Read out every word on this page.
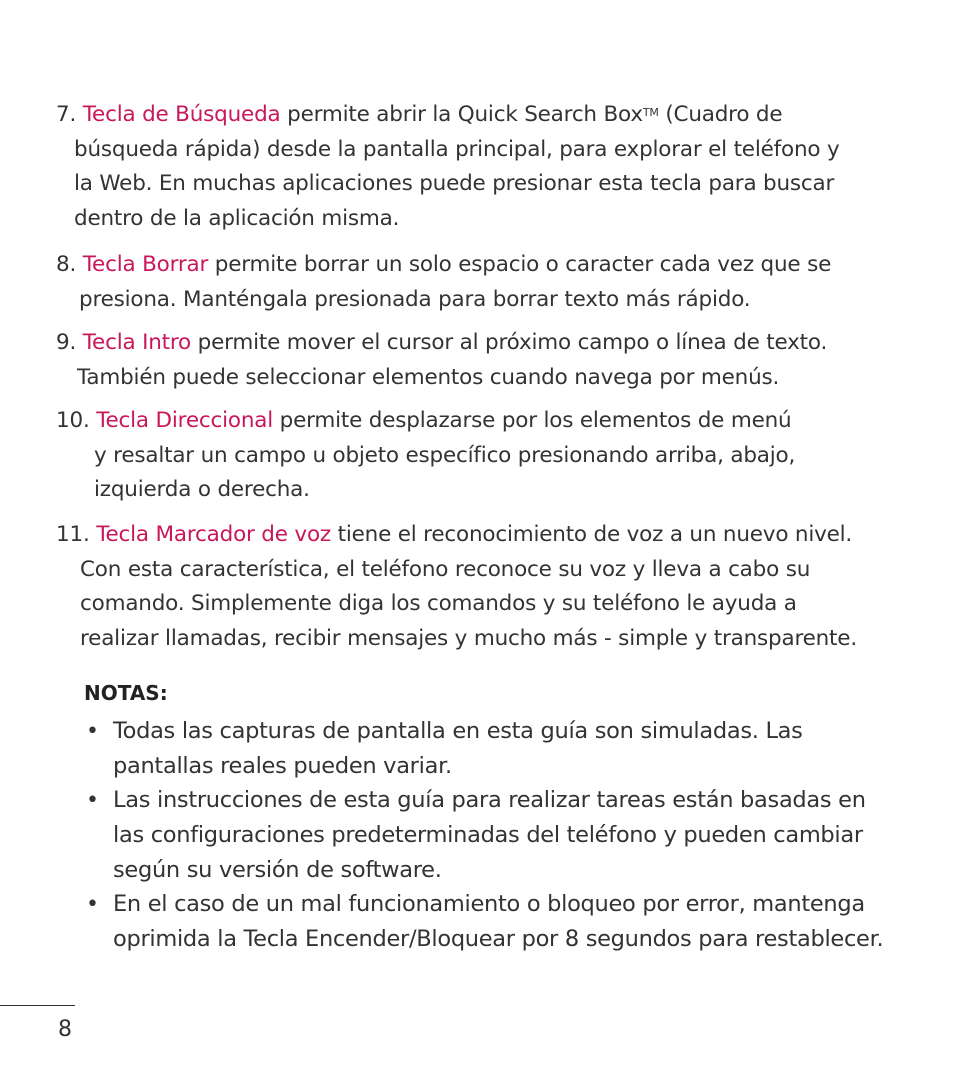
7. Tecla de Búsqueda permite abrir la Quick Search Box™ (Cuadro de
búsqueda rápida) desde la pantalla principal, para explorar el teléfono y
la Web. En muchas aplicaciones puede presionar esta tecla para buscar
dentro de la aplicación misma.
8. Tecla Borrar permite borrar un solo espacio o caracter cada vez que se
presiona. Manténgala presionada para borrar texto más rápido.
9. Tecla Intro permite mover el cursor al próximo campo o línea de texto.
También puede seleccionar elementos cuando navega por menús.
10. Tecla Direccional permite desplazarse por los elementos de menú
y resaltar un campo u objeto específico presionando arriba, abajo,
izquierda o derecha.
11. Tecla Marcador de voz tiene el reconocimiento de voz a un nuevo nivel.
Con esta característica, el teléfono reconoce su voz y lleva a cabo su
comando. Simplemente diga los comandos y su teléfono le ayuda a
realizar llamadas, recibir mensajes y mucho más - simple y transparente.
NOTAS:
• Todas las capturas de pantalla en esta guía son simuladas. Las
pantallas reales pueden variar.
• Las instrucciones de esta guía para realizar tareas están basadas en
las configuraciones predeterminadas del teléfono y pueden cambiar
según su versión de software.
• En el caso de un mal funcionamiento o bloqueo por error, mantenga
oprimida la Tecla Encender/Bloquear por 8 segundos para restablecer.
8
